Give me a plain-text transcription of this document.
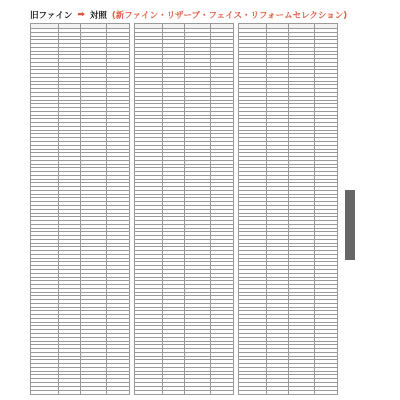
旧ファイン ➡ 対照 (新ファイン・リザーブ・フェイス・リフォームセレクション)
